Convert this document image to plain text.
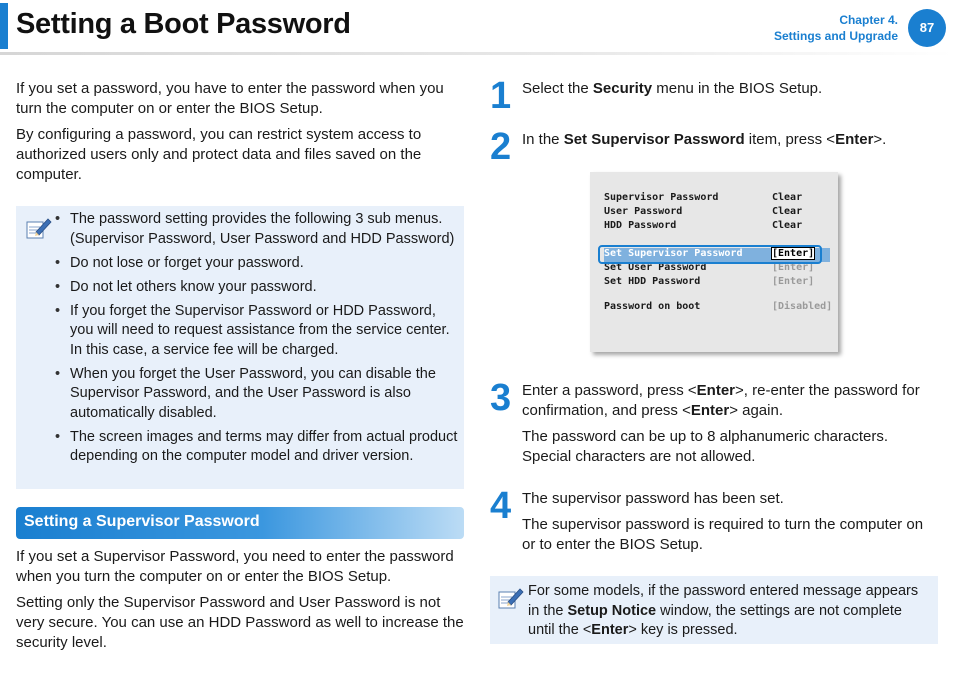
Setting a Boot Password	Chapter 4.
Settings and Upgrade
87

If you set a password, you have to enter the password when you turn the computer on or enter the BIOS Setup.

By configuring a password, you can restrict system access to authorized users only and protect data and files saved on the computer.

• The password setting provides the following 3 sub menus. (Supervisor Password, User Password and HDD Password)
• Do not lose or forget your password.
• Do not let others know your password.
• If you forget the Supervisor Password or HDD Password, you will need to request assistance from the service center. In this case, a service fee will be charged.
• When you forget the User Password, you can disable the Supervisor Password, and the User Password is also automatically disabled.
• The screen images and terms may differ from actual product depending on the computer model and driver version.
Setting a Supervisor Password

If you set a Supervisor Password, you need to enter the password when you turn the computer on or enter the BIOS Setup.

Setting only the Supervisor Password and User Password is not very secure. You can use an HDD Password as well to increase the security level.

1 Select the Security menu in the BIOS Setup.
2 In the Set Supervisor Password item, press <Enter>.
Supervisor Password	Clear
User Password	Clear
HDD Password	Clear
Set Supervisor Password	[Enter]
Set User Password	[Enter]
Set HDD Password	[Enter]
Password on boot	[Disabled]
3 Enter a password, press <Enter>, re-enter the password for confirmation, and press <Enter> again.

The password can be up to 8 alphanumeric characters. Special characters are not allowed.

4 The supervisor password has been set.

The supervisor password is required to turn the computer on or to enter the BIOS Setup.

For some models, if the password entered message appears in the Setup Notice window, the settings are not complete until the <Enter> key is pressed.
